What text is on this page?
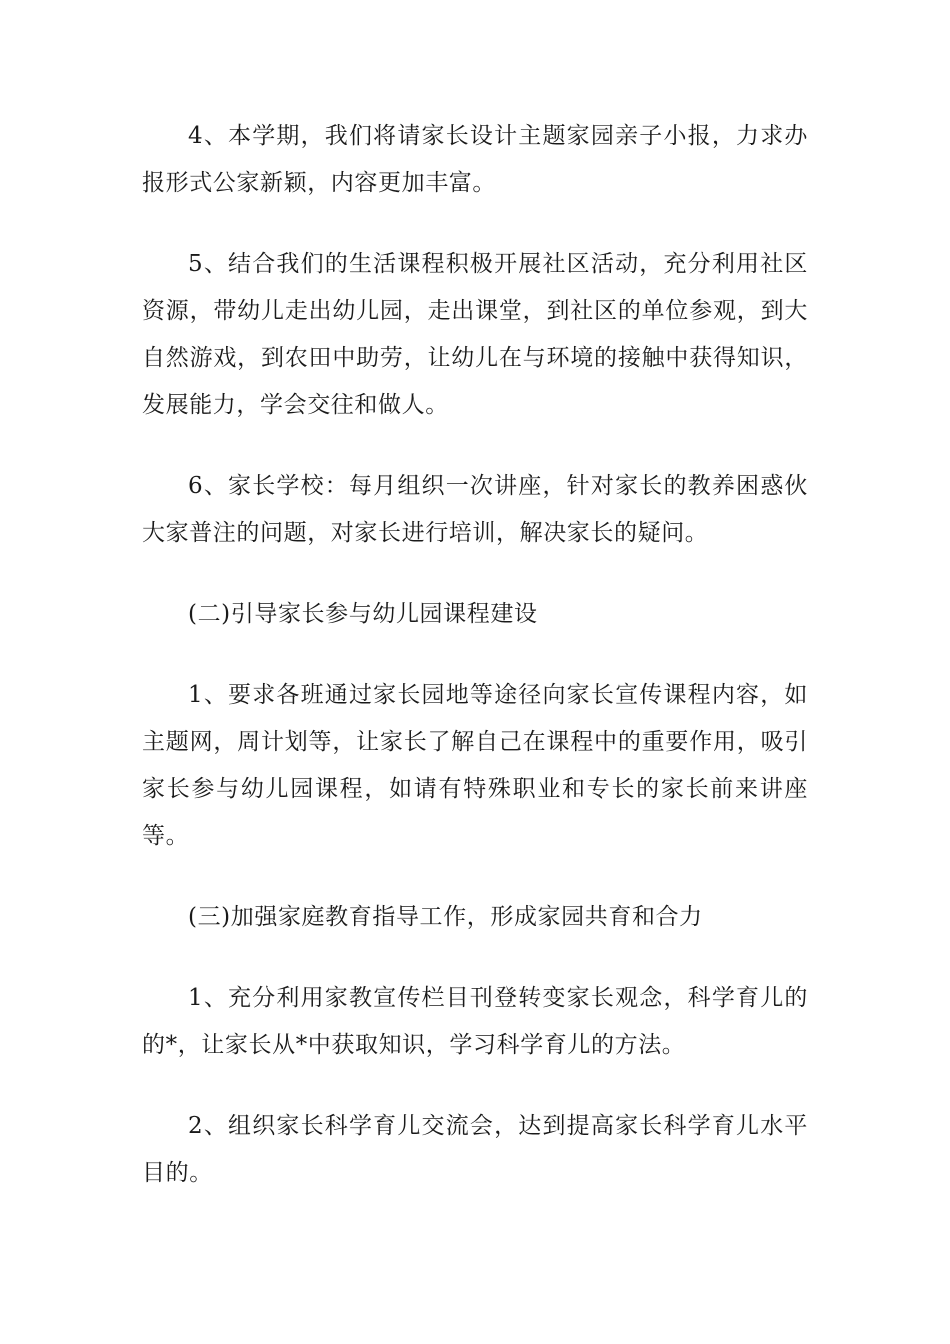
4、本学期，我们将请家长设计主题家园亲子小报，力求办报形式公家新颖，内容更加丰富。

5、结合我们的生活课程积极开展社区活动，充分利用社区资源，带幼儿走出幼儿园，走出课堂，到社区的单位参观，到大自然游戏，到农田中助劳，让幼儿在与环境的接触中获得知识，发展能力，学会交往和做人。

6、家长学校：每月组织一次讲座，针对家长的教养困惑伙大家普注的问题，对家长进行培训，解决家长的疑问。

(二)引导家长参与幼儿园课程建设

1、要求各班通过家长园地等途径向家长宣传课程内容，如主题网，周计划等，让家长了解自己在课程中的重要作用，吸引家长参与幼儿园课程，如请有特殊职业和专长的家长前来讲座等。

(三)加强家庭教育指导工作，形成家园共育和合力

1、充分利用家教宣传栏目刊登转变家长观念，科学育儿的的*，让家长从*中获取知识，学习科学育儿的方法。

2、组织家长科学育儿交流会，达到提高家长科学育儿水平目的。
